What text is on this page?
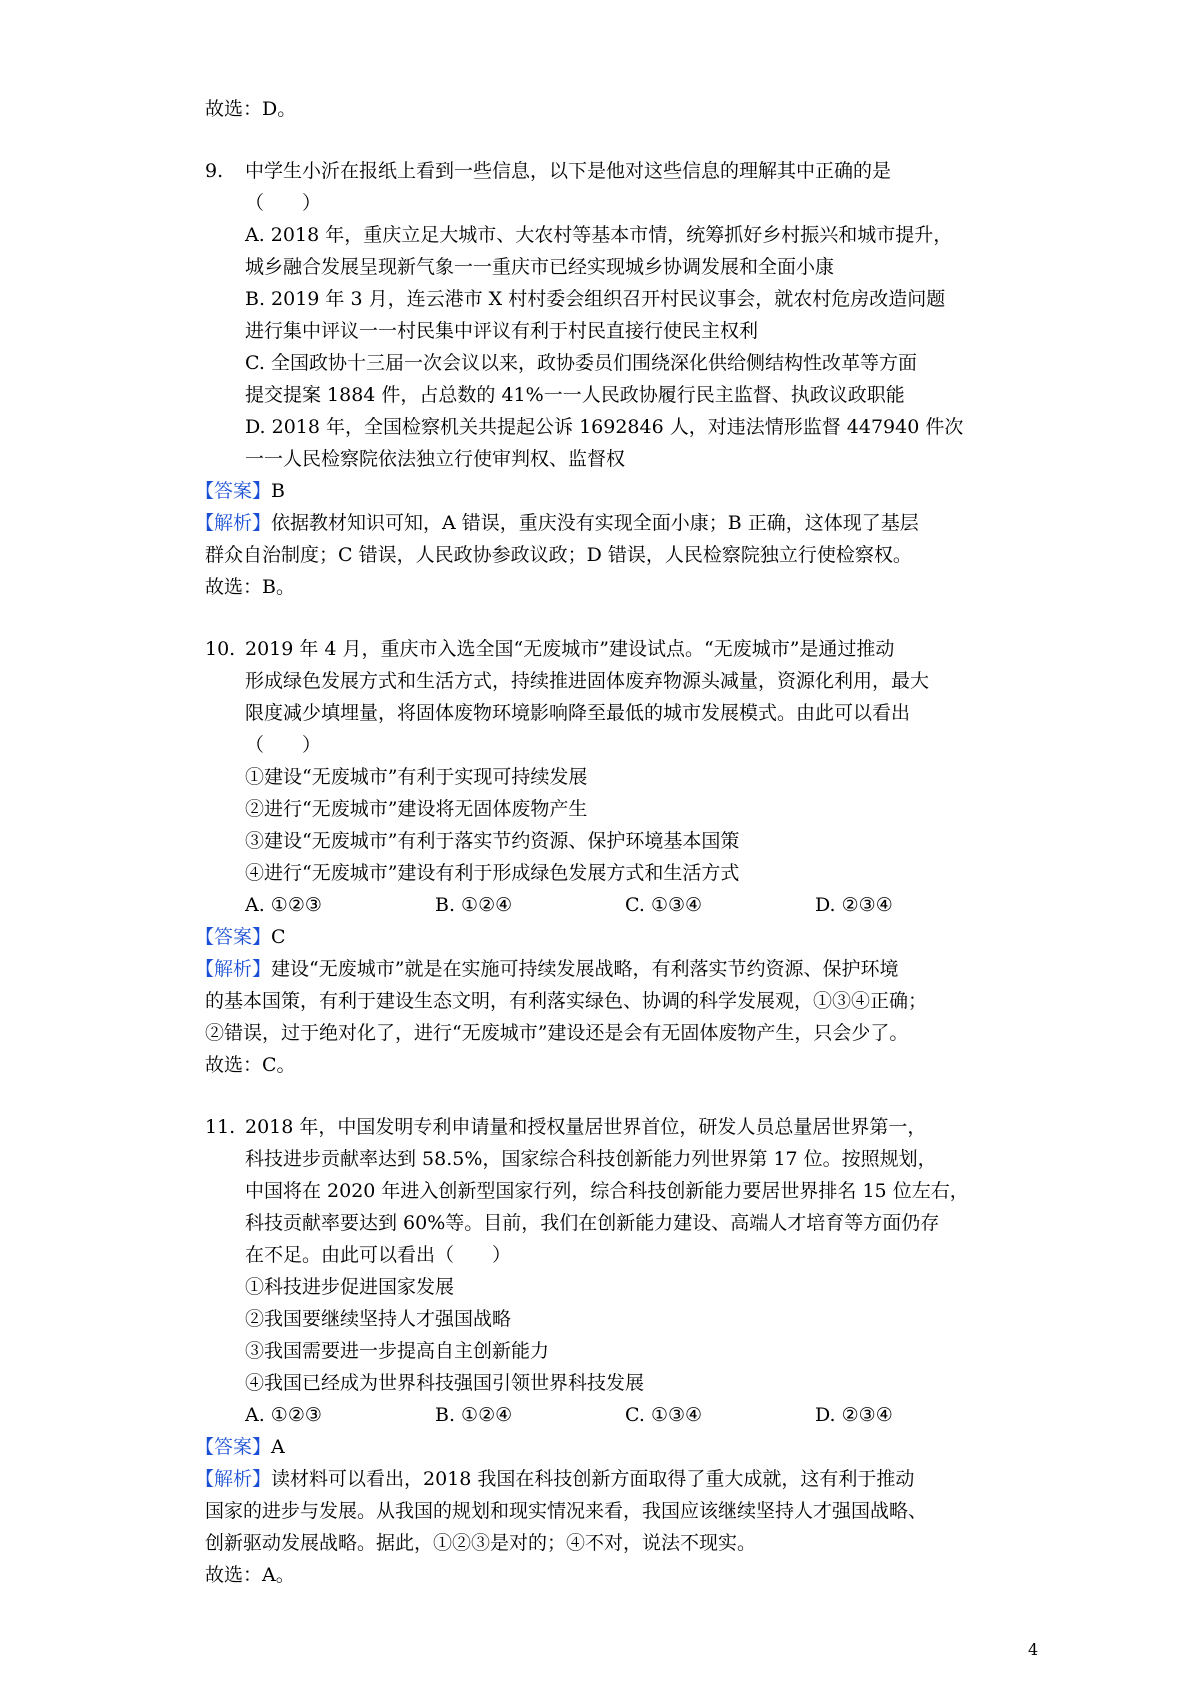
故选：D。
9. 中学生小沂在报纸上看到一些信息，以下是他对这些信息的理解其中正确的是
（　　）
A. 2018 年，重庆立足大城市、大农村等基本市情，统筹抓好乡村振兴和城市提升，
城乡融合发展呈现新气象一一重庆市已经实现城乡协调发展和全面小康
B. 2019 年 3 月，连云港市 X 村村委会组织召开村民议事会，就农村危房改造问题
进行集中评议一一村民集中评议有利于村民直接行使民主权利
C. 全国政协十三届一次会议以来，政协委员们围绕深化供给侧结构性改革等方面
提交提案 1884 件，占总数的 41%一一人民政协履行民主监督、执政议政职能
D. 2018 年，全国检察机关共提起公诉 1692846 人，对违法情形监督 447940 件次
一一人民检察院依法独立行使审判权、监督权
【答案】B
【解析】依据教材知识可知，A 错误，重庆没有实现全面小康；B 正确，这体现了基层
群众自治制度；C 错误，人民政协参政议政；D 错误，人民检察院独立行使检察权。
故选：B。
10. 2019 年 4 月，重庆市入选全国“无废城市”建设试点。“无废城市”是通过推动
形成绿色发展方式和生活方式，持续推进固体废弃物源头减量，资源化利用，最大
限度减少填埋量，将固体废物环境影响降至最低的城市发展模式。由此可以看出
（　　）
①建设“无废城市”有利于实现可持续发展
②进行“无废城市”建设将无固体废物产生
③建设“无废城市”有利于落实节约资源、保护环境基本国策
④进行“无废城市”建设有利于形成绿色发展方式和生活方式
A. ①②③	B. ①②④	C. ①③④	D. ②③④
【答案】C
【解析】建设“无废城市”就是在实施可持续发展战略，有利落实节约资源、保护环境
的基本国策，有利于建设生态文明，有利落实绿色、协调的科学发展观，①③④正确；
②错误，过于绝对化了，进行“无废城市”建设还是会有无固体废物产生，只会少了。
故选：C。
11. 2018 年，中国发明专利申请量和授权量居世界首位，研发人员总量居世界第一，
科技进步贡献率达到 58.5%，国家综合科技创新能力列世界第 17 位。按照规划，
中国将在 2020 年进入创新型国家行列，综合科技创新能力要居世界排名 15 位左右，
科技贡献率要达到 60%等。目前，我们在创新能力建设、高端人才培育等方面仍存
在不足。由此可以看出（　　）
①科技进步促进国家发展
②我国要继续坚持人才强国战略
③我国需要进一步提高自主创新能力
④我国已经成为世界科技强国引领世界科技发展
A. ①②③	B. ①②④	C. ①③④	D. ②③④
【答案】A
【解析】读材料可以看出，2018 我国在科技创新方面取得了重大成就，这有利于推动
国家的进步与发展。从我国的规划和现实情况来看，我国应该继续坚持人才强国战略、
创新驱动发展战略。据此，①②③是对的；④不对，说法不现实。
故选：A。
4
